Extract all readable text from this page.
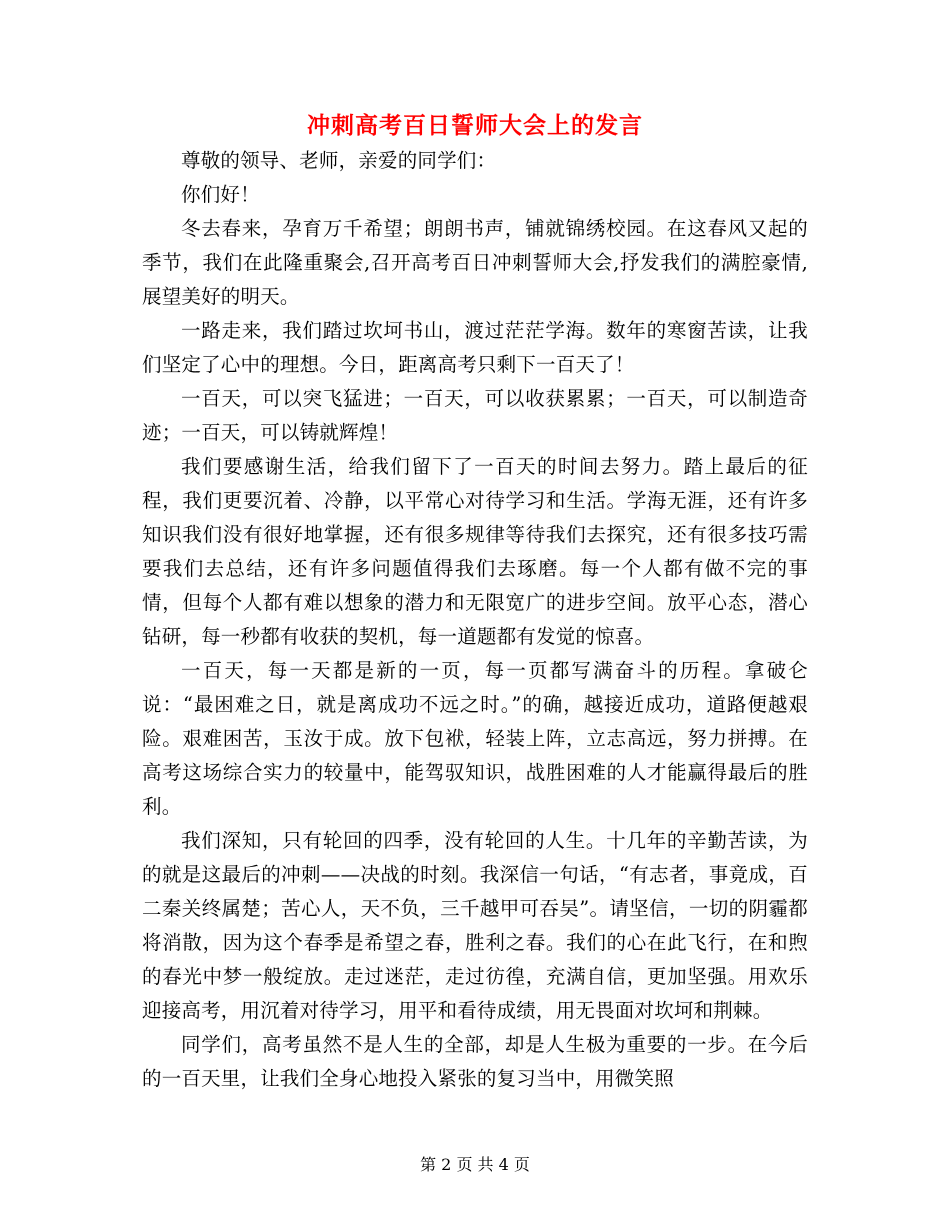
冲刺高考百日誓师大会上的发言

尊敬的领导、老师，亲爱的同学们：

你们好！

冬去春来，孕育万千希望；朗朗书声，铺就锦绣校园。在这春风又起的季节，我们在此隆重聚会,召开高考百日冲刺誓师大会,抒发我们的满腔豪情,展望美好的明天。

一路走来，我们踏过坎坷书山，渡过茫茫学海。数年的寒窗苦读，让我们坚定了心中的理想。今日，距离高考只剩下一百天了！

一百天，可以突飞猛进；一百天，可以收获累累；一百天，可以制造奇迹；一百天，可以铸就辉煌！

我们要感谢生活，给我们留下了一百天的时间去努力。踏上最后的征程，我们更要沉着、冷静，以平常心对待学习和生活。学海无涯，还有许多知识我们没有很好地掌握，还有很多规律等待我们去探究，还有很多技巧需要我们去总结，还有许多问题值得我们去琢磨。每一个人都有做不完的事情，但每个人都有难以想象的潜力和无限宽广的进步空间。放平心态，潜心钻研，每一秒都有收获的契机，每一道题都有发觉的惊喜。

一百天，每一天都是新的一页，每一页都写满奋斗的历程。拿破仑说：“最困难之日，就是离成功不远之时。”的确，越接近成功，道路便越艰险。艰难困苦，玉汝于成。放下包袱，轻装上阵，立志高远，努力拼搏。在高考这场综合实力的较量中，能驾驭知识，战胜困难的人才能赢得最后的胜利。

我们深知，只有轮回的四季，没有轮回的人生。十几年的辛勤苦读，为的就是这最后的冲刺——决战的时刻。我深信一句话，“有志者，事竟成，百二秦关终属楚；苦心人，天不负，三千越甲可吞吴”。请坚信，一切的阴霾都将消散，因为这个春季是希望之春，胜利之春。我们的心在此飞行，在和煦的春光中梦一般绽放。走过迷茫，走过彷徨，充满自信，更加坚强。用欢乐迎接高考，用沉着对待学习，用平和看待成绩，用无畏面对坎坷和荆棘。

同学们，高考虽然不是人生的全部，却是人生极为重要的一步。在今后的一百天里，让我们全身心地投入紧张的复习当中，用微笑照

第 2 页 共 4 页
